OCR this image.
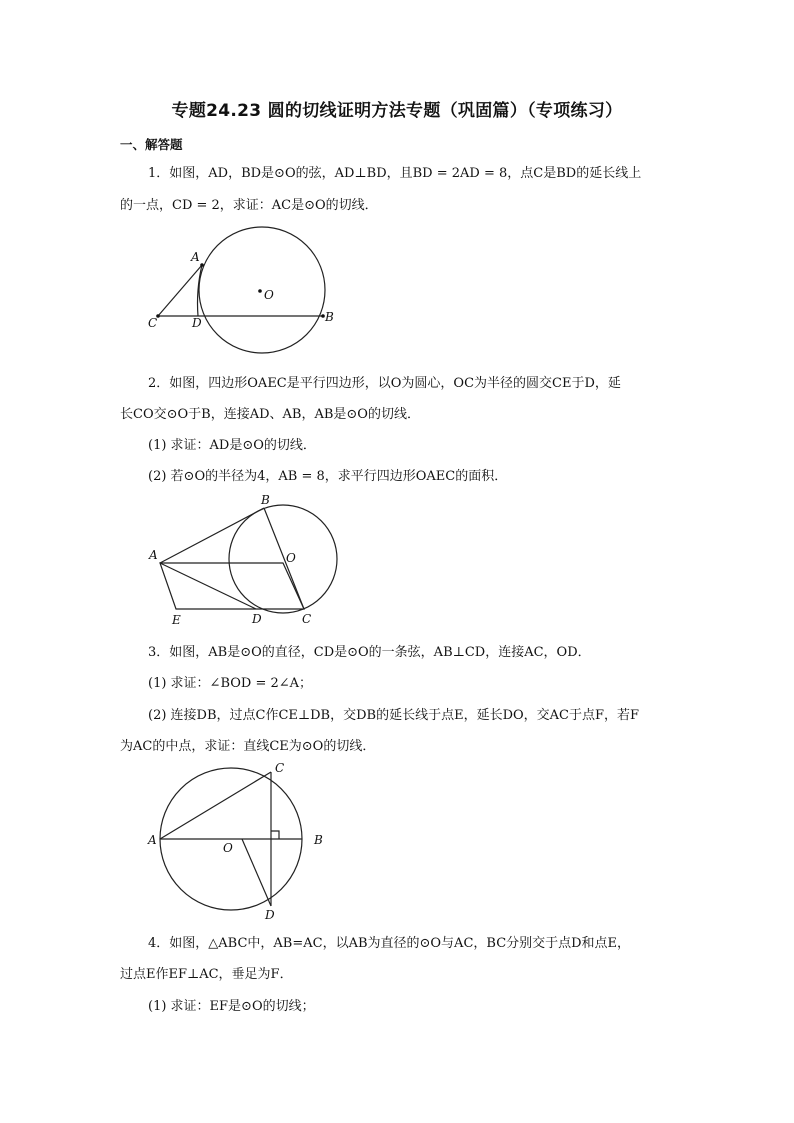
专题24.23 圆的切线证明方法专题（巩固篇）（专项练习）
一、解答题
1．如图，AD，BD是⊙O的弦，AD⊥BD，且BD = 2AD = 8，点C是BD的延长线上
的一点，CD = 2，求证：AC是⊙O的切线．
A
O
C	D	B
2．如图，四边形OAEC是平行四边形，以O为圆心，OC为半径的圆交CE于D，延
长CO交⊙O于B，连接AD、AB，AB是⊙O的切线．
(1) 求证：AD是⊙O的切线．
(2) 若⊙O的半径为4，AB = 8，求平行四边形OAEC的面积．
B
A	O
E	D	C
3．如图，AB是⊙O的直径，CD是⊙O的一条弦，AB⊥CD，连接AC，OD．
(1) 求证：∠BOD = 2∠A；
(2) 连接DB，过点C作CE⊥DB，交DB的延长线于点E，延长DO，交AC于点F，若F
为AC的中点，求证：直线CE为⊙O的切线．
C
A
O
B
D
4．如图，△ABC中，AB=AC，以AB为直径的⊙O与AC，BC分别交于点D和点E，
过点E作EF⊥AC，垂足为F．
(1) 求证：EF是⊙O的切线；
